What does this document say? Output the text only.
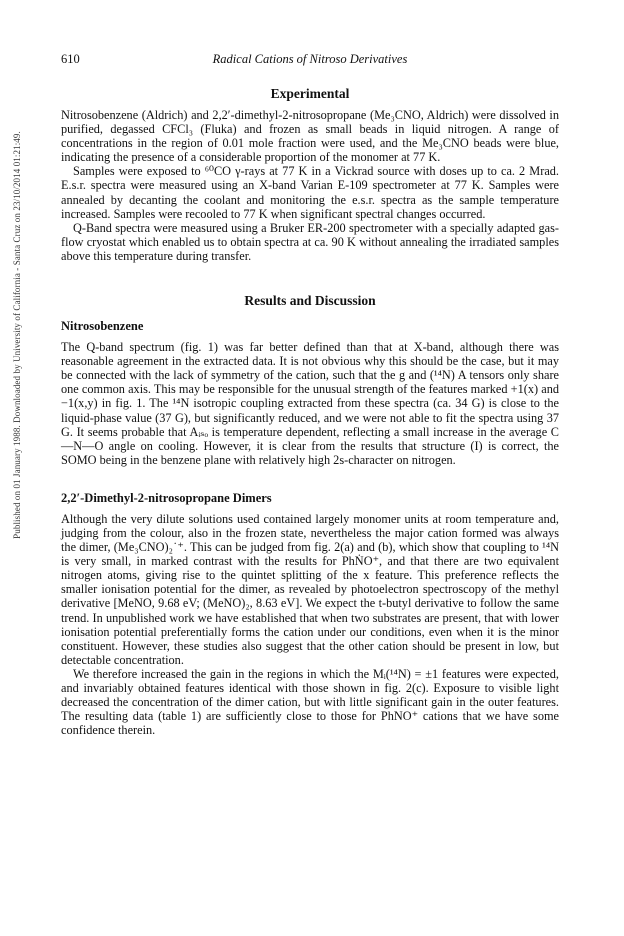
Published on 01 January 1988. Downloaded by University of California - Santa Cruz on 23/10/2014 01:21:49.
610	Radical Cations of Nitroso Derivatives
Experimental

Nitrosobenzene (Aldrich) and 2,2′-dimethyl-2-nitrosopropane (Me₃CNO, Aldrich) were dissolved in purified, degassed CFCl₃ (Fluka) and frozen as small beads in liquid nitrogen. A range of concentrations in the region of 0.01 mole fraction were used, and the Me₃CNO beads were blue, indicating the presence of a considerable proportion of the monomer at 77 K.

Samples were exposed to ⁶⁰CO γ-rays at 77 K in a Vickrad source with doses up to ca. 2 Mrad. E.s.r. spectra were measured using an X-band Varian E-109 spectrometer at 77 K. Samples were annealed by decanting the coolant and monitoring the e.s.r. spectra as the sample temperature increased. Samples were recooled to 77 K when significant spectral changes occurred.

Q-Band spectra were measured using a Bruker ER-200 spectrometer with a specially adapted gas-flow cryostat which enabled us to obtain spectra at ca. 90 K without annealing the irradiated samples above this temperature during transfer.

Results and Discussion
Nitrosobenzene

The Q-band spectrum (fig. 1) was far better defined than that at X-band, although there was reasonable agreement in the extracted data. It is not obvious why this should be the case, but it may be connected with the lack of symmetry of the cation, such that the g and (¹⁴N) A tensors only share one common axis. This may be responsible for the unusual strength of the features marked +1(x) and −1(x,y) in fig. 1. The ¹⁴N isotropic coupling extracted from these spectra (ca. 34 G) is close to the liquid-phase value (37 G), but significantly reduced, and we were not able to fit the spectra using 37 G. It seems probable that Aᵢₛₒ is temperature dependent, reflecting a small increase in the average C—N—O angle on cooling. However, it is clear from the results that structure (I) is correct, the SOMO being in the benzene plane with relatively high 2s-character on nitrogen.

2,2′-Dimethyl-2-nitrosopropane Dimers

Although the very dilute solutions used contained largely monomer units at room temperature and, judging from the colour, also in the frozen state, nevertheless the major cation formed was always the dimer, (Me₃CNO)₂˙⁺. This can be judged from fig. 2(a) and (b), which show that coupling to ¹⁴N is very small, in marked contrast with the results for PhṄO⁺, and that there are two equivalent nitrogen atoms, giving rise to the quintet splitting of the x feature. This preference reflects the smaller ionisation potential for the dimer, as revealed by photoelectron spectroscopy of the methyl derivative [MeNO, 9.68 eV; (MeNO)₂, 8.63 eV]. We expect the t-butyl derivative to follow the same trend. In unpublished work we have established that when two substrates are present, that with lower ionisation potential preferentially forms the cation under our conditions, even when it is the minor constituent. However, these studies also suggest that the other cation should be present in low, but detectable concentration.

We therefore increased the gain in the regions in which the Mᵢ(¹⁴N) = ±1 features were expected, and invariably obtained features identical with those shown in fig. 2(c). Exposure to visible light decreased the concentration of the dimer cation, but with little significant gain in the outer features. The resulting data (table 1) are sufficiently close to those for PhNO⁺ cations that we have some confidence therein.
